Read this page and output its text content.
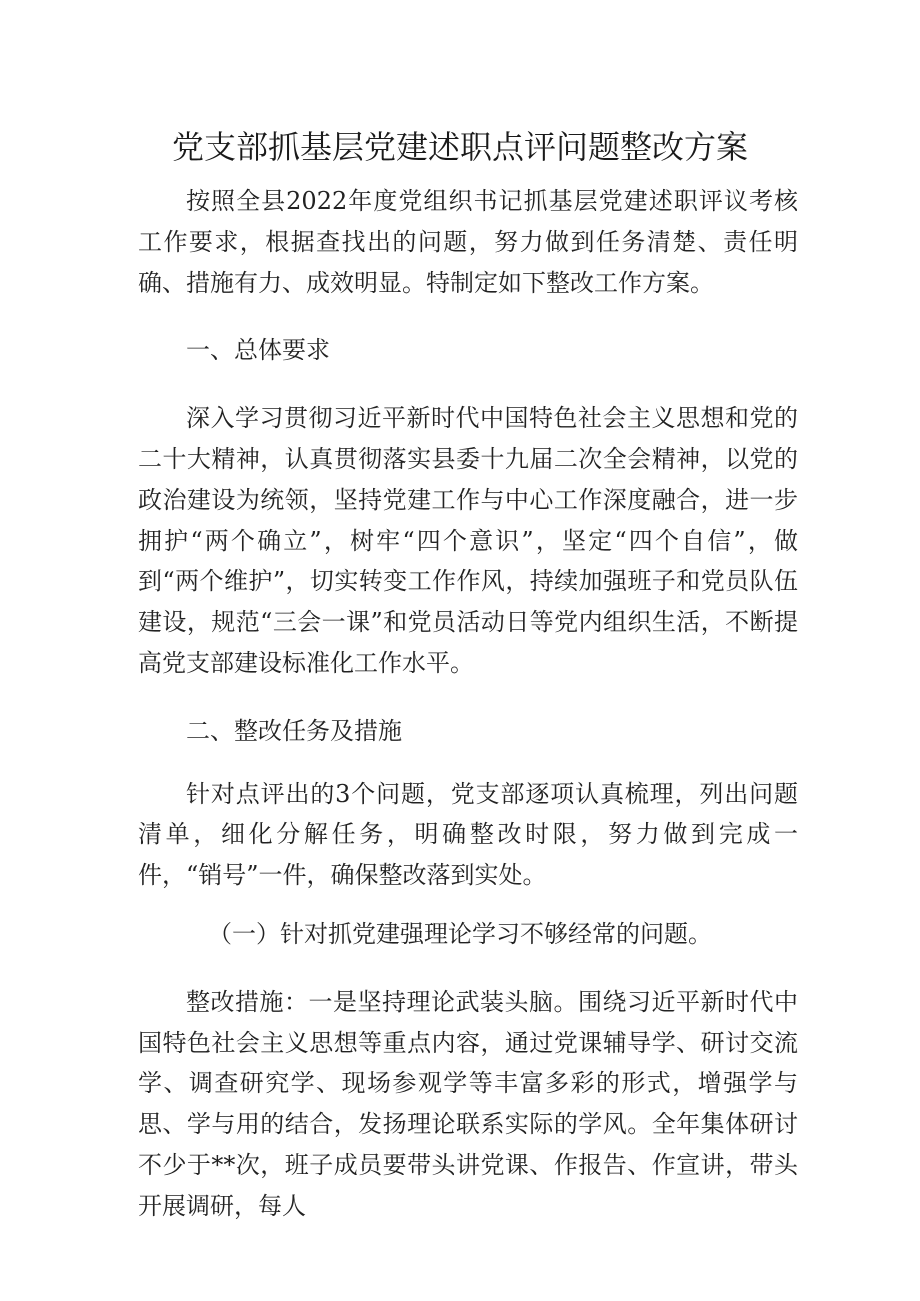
党支部抓基层党建述职点评问题整改方案

按照全县2022年度党组织书记抓基层党建述职评议考核工作要求，根据查找出的问题，努力做到任务清楚、责任明确、措施有力、成效明显。特制定如下整改工作方案。

一、总体要求

深入学习贯彻习近平新时代中国特色社会主义思想和党的二十大精神，认真贯彻落实县委十九届二次全会精神，以党的政治建设为统领，坚持党建工作与中心工作深度融合，进一步拥护“两个确立”，树牢“四个意识”，坚定“四个自信”，做到“两个维护”，切实转变工作作风，持续加强班子和党员队伍建设，规范“三会一课”和党员活动日等党内组织生活，不断提高党支部建设标准化工作水平。

二、整改任务及措施

针对点评出的3个问题，党支部逐项认真梳理，列出问题清单，细化分解任务，明确整改时限，努力做到完成一件，“销号”一件，确保整改落到实处。

（一）针对抓党建强理论学习不够经常的问题。

整改措施：一是坚持理论武装头脑。围绕习近平新时代中国特色社会主义思想等重点内容，通过党课辅导学、研讨交流学、调查研究学、现场参观学等丰富多彩的形式，增强学与思、学与用的结合，发扬理论联系实际的学风。全年集体研讨不少于**次，班子成员要带头讲党课、作报告、作宣讲，带头开展调研，每人
